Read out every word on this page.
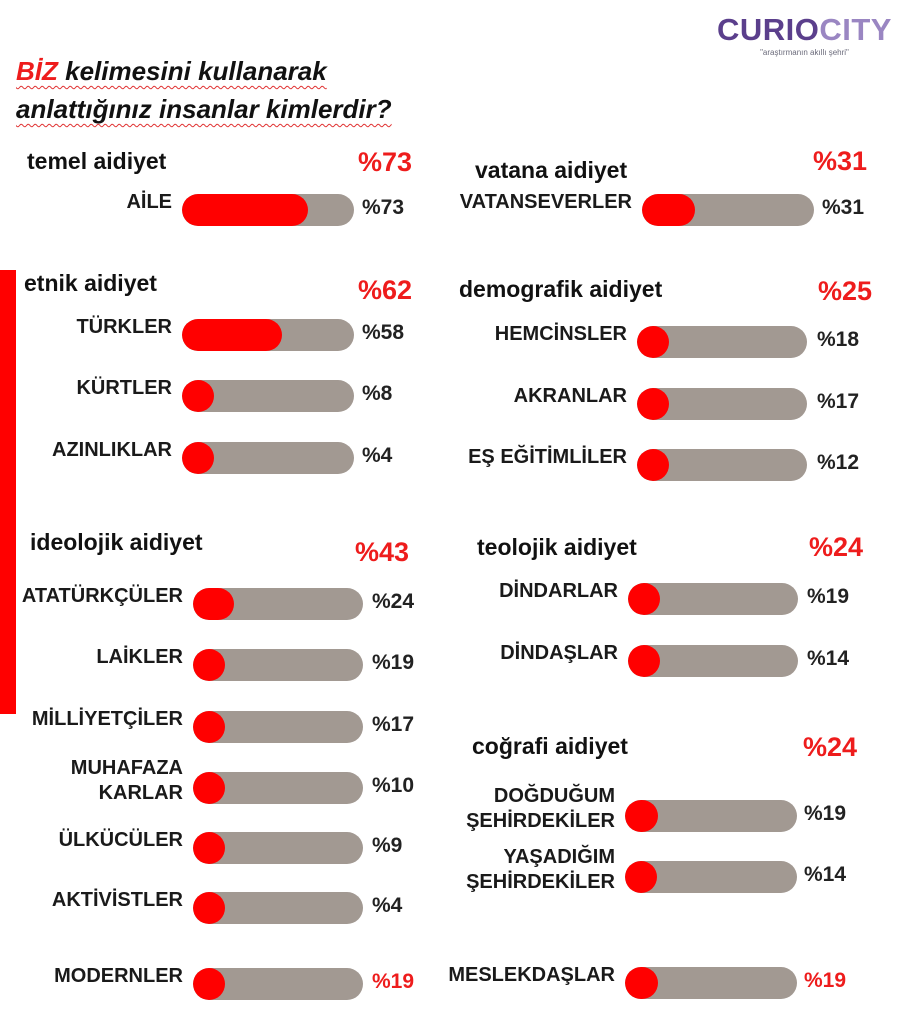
CURIOCITY
"araştırmanın akıllı şehri"
BİZ kelimesini kullanarak
anlattığınız insanlar kimlerdir?
temel aidiyet	%73
AİLE	%73
vatana aidiyet	%31
VATANSEVERLER	%31
etnik aidiyet	%62
TÜRKLER	%58
KÜRTLER	%8
AZINLIKLAR	%4
demografik aidiyet	%25
HEMCİNSLER	%18
AKRANLAR	%17
EŞ EĞİTİMLİLER	%12
ideolojik aidiyet	%43
ATATÜRKÇÜLER	%24
LAİKLER	%19
MİLLİYETÇİLER	%17
MUHAFAZA
KARLAR	%10
ÜLKÜCÜLER	%9
AKTİVİSTLER	%4
MODERNLER	%19
teolojik aidiyet	%24
DİNDARLAR	%19
DİNDAŞLAR	%14
coğrafi aidiyet	%24
DOĞDUĞUM
ŞEHİRDEKİLER	%19
YAŞADIĞIM
ŞEHİRDEKİLER	%14
MESLEKDAŞLAR	%19
